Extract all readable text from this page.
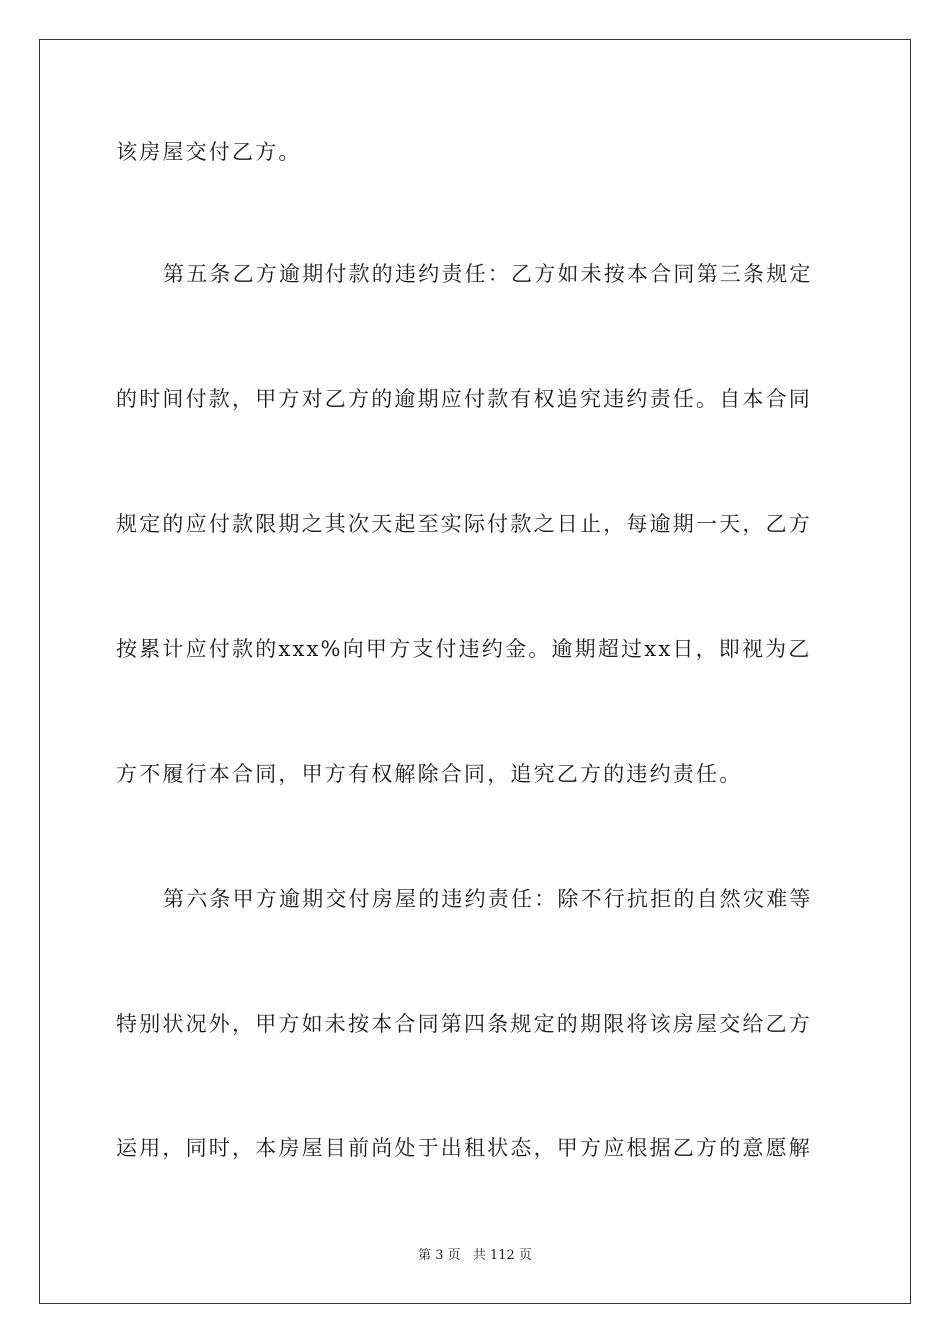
该房屋交付乙方。
第五条乙方逾期付款的违约责任：乙方如未按本合同第三条规定
的时间付款，甲方对乙方的逾期应付款有权追究违约责任。自本合同
规定的应付款限期之其次天起至实际付款之日止，每逾期一天，乙方
按累计应付款的xxx%向甲方支付违约金。逾期超过xx日，即视为乙
方不履行本合同，甲方有权解除合同，追究乙方的违约责任。
第六条甲方逾期交付房屋的违约责任：除不行抗拒的自然灾难等
特别状况外，甲方如未按本合同第四条规定的期限将该房屋交给乙方
运用，同时，本房屋目前尚处于出租状态，甲方应根据乙方的意愿解
第 3 页 共 112 页
